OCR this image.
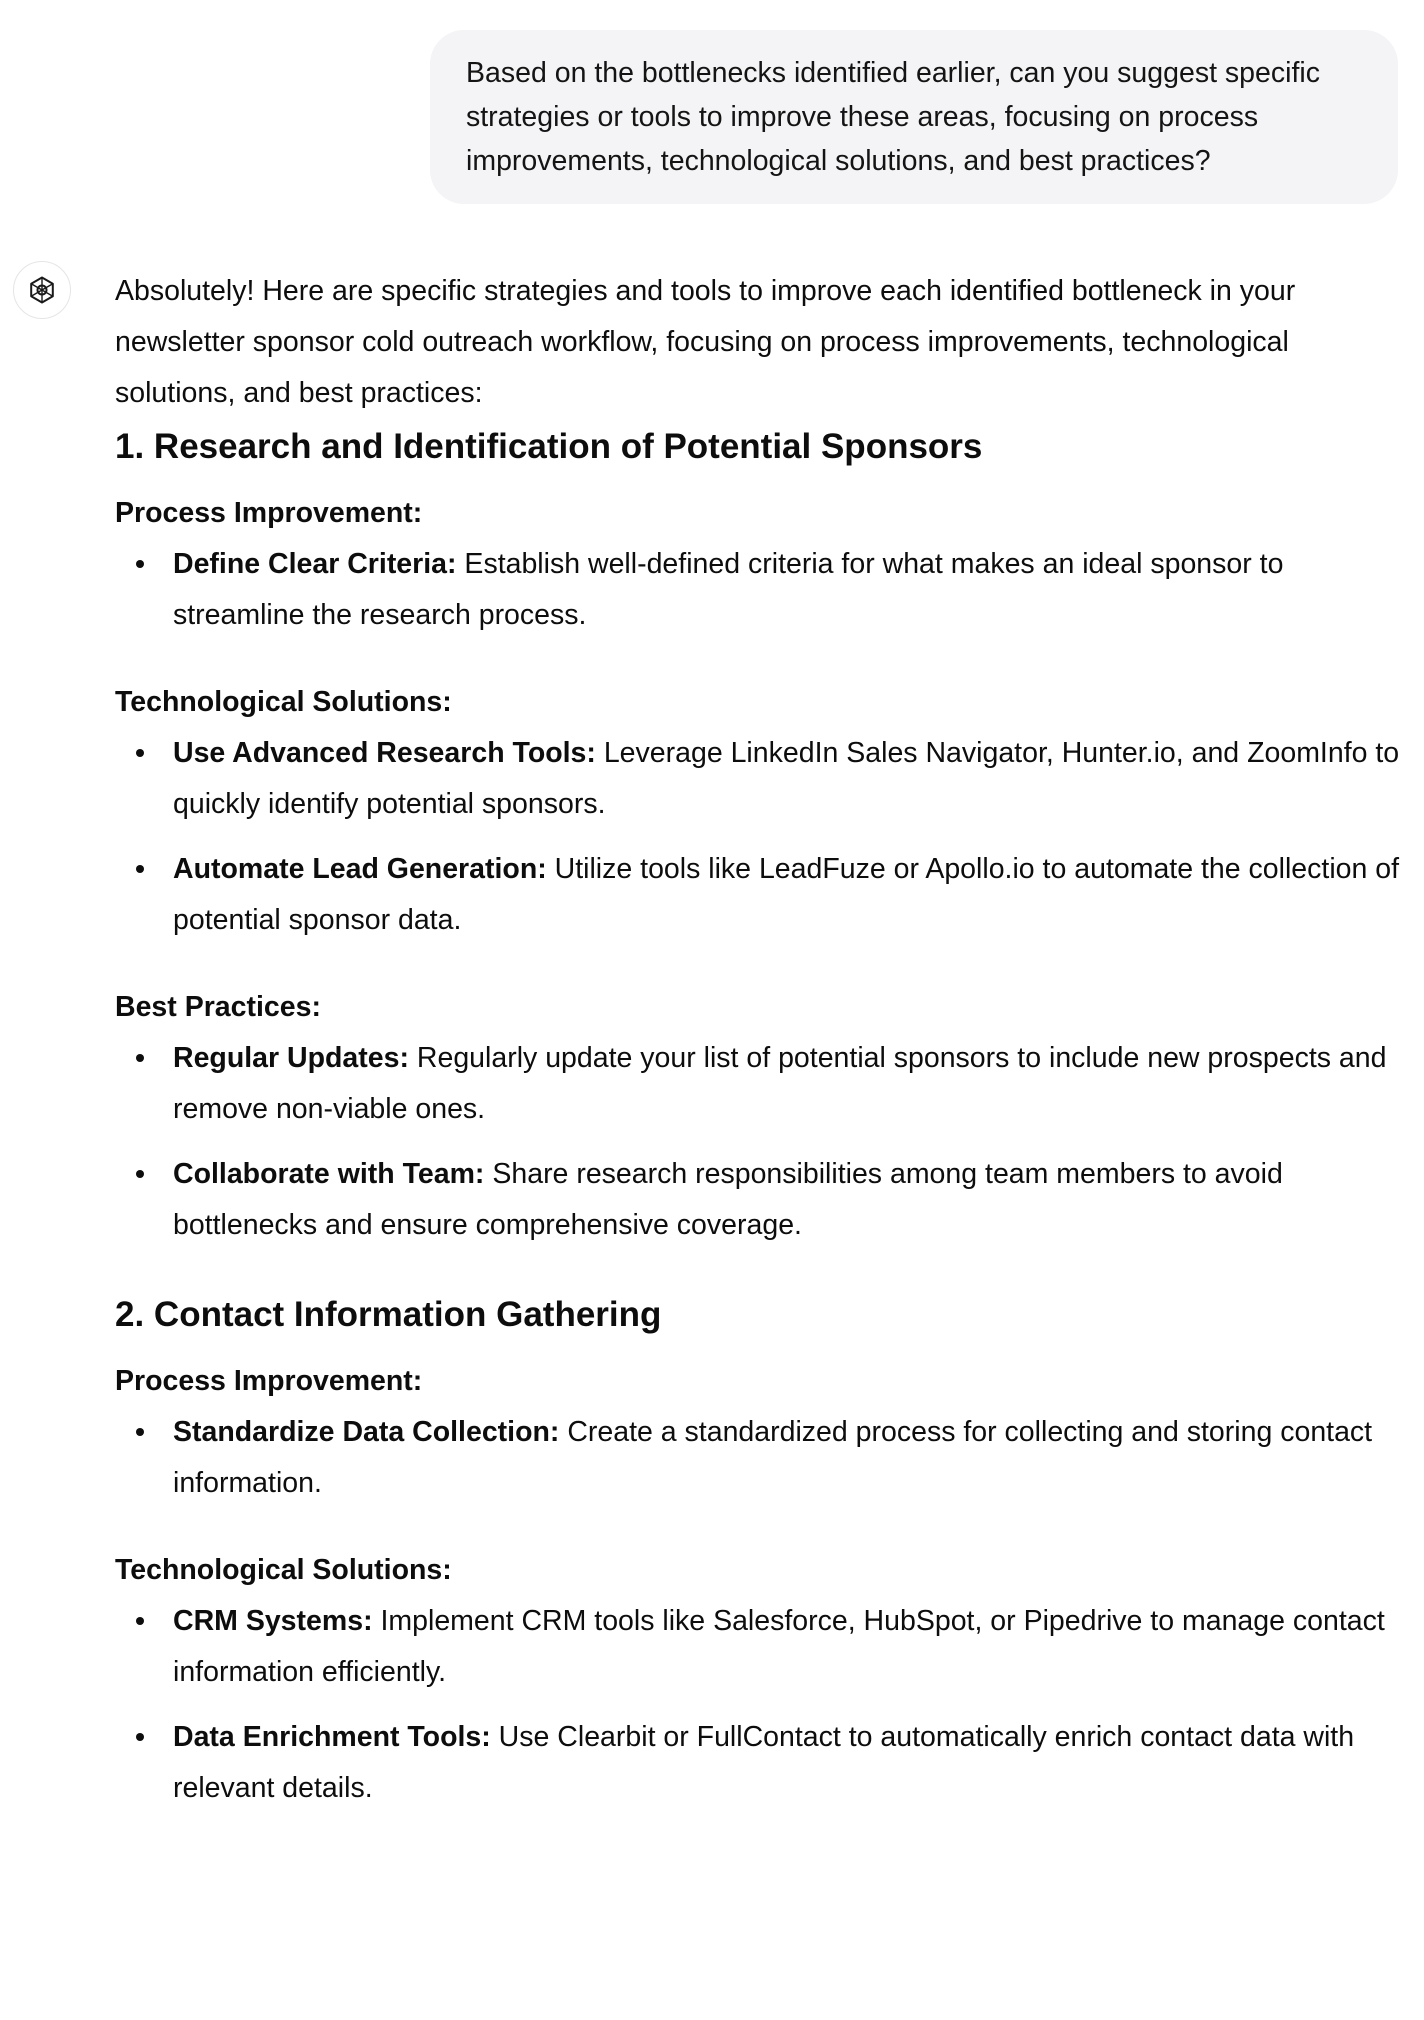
Based on the bottlenecks identified earlier, can you suggest specific strategies or tools to improve these areas, focusing on process improvements, technological solutions, and best practices?

Absolutely! Here are specific strategies and tools to improve each identified bottleneck in your newsletter sponsor cold outreach workflow, focusing on process improvements, technological solutions, and best practices:

1. Research and Identification of Potential Sponsors

Process Improvement:

Define Clear Criteria: Establish well-defined criteria for what makes an ideal sponsor to streamline the research process.

Technological Solutions:

Use Advanced Research Tools: Leverage LinkedIn Sales Navigator, Hunter.io, and ZoomInfo to quickly identify potential sponsors.
Automate Lead Generation: Utilize tools like LeadFuze or Apollo.io to automate the collection of potential sponsor data.

Best Practices:

Regular Updates: Regularly update your list of potential sponsors to include new prospects and remove non-viable ones.
Collaborate with Team: Share research responsibilities among team members to avoid bottlenecks and ensure comprehensive coverage.
2. Contact Information Gathering

Process Improvement:

Standardize Data Collection: Create a standardized process for collecting and storing contact information.

Technological Solutions:

CRM Systems: Implement CRM tools like Salesforce, HubSpot, or Pipedrive to manage contact information efficiently.
Data Enrichment Tools: Use Clearbit or FullContact to automatically enrich contact data with relevant details.
